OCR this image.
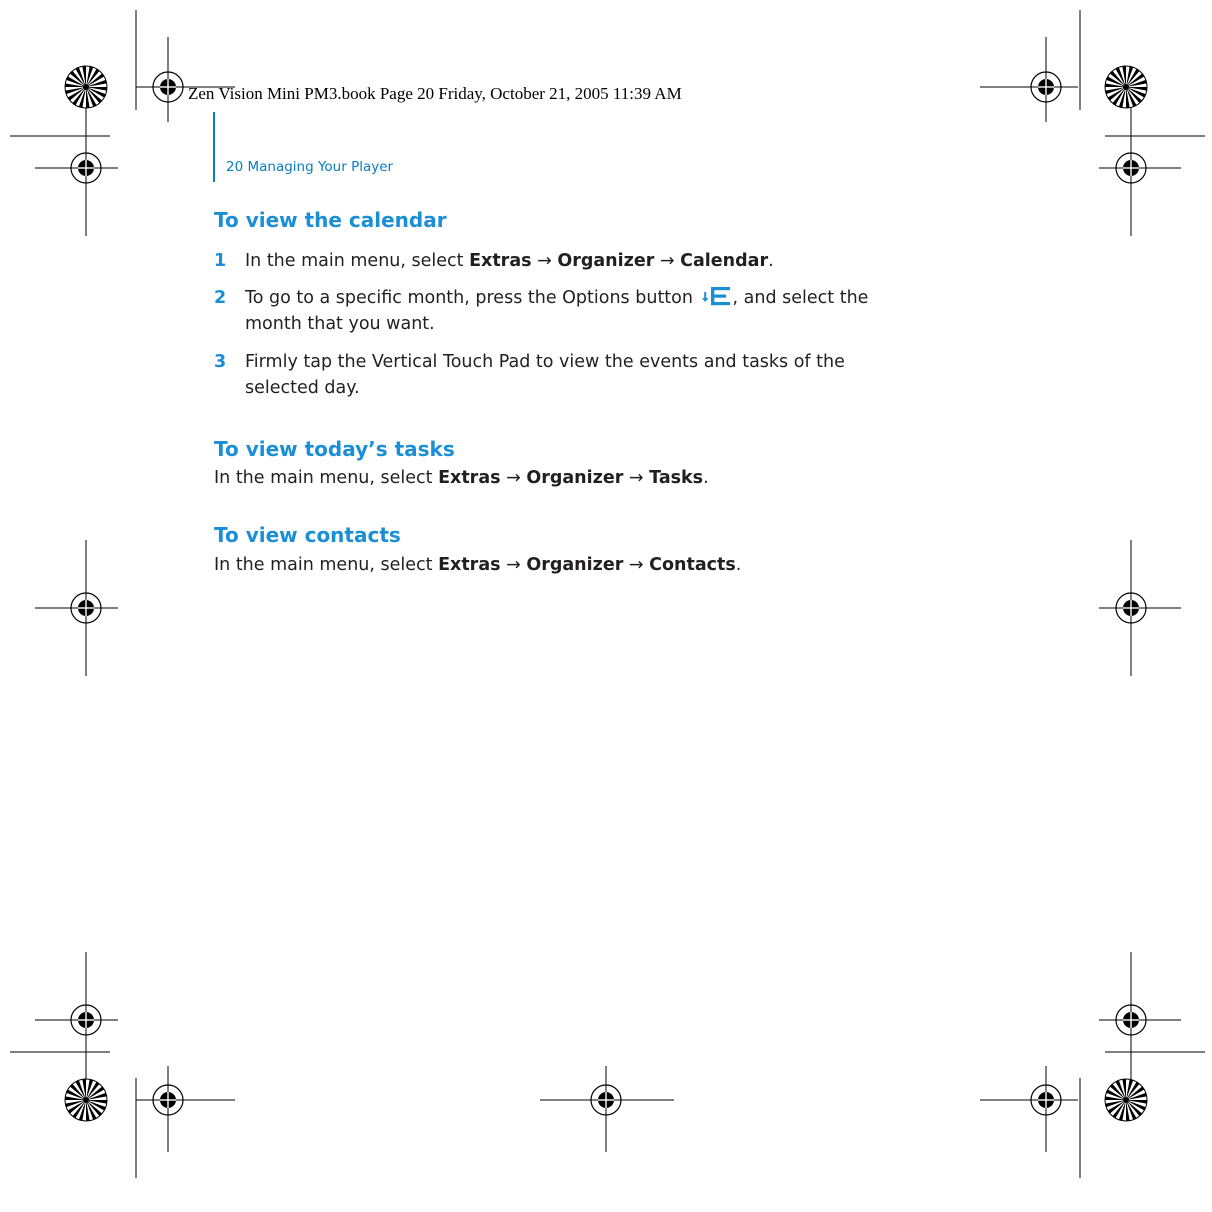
Zen Vision Mini PM3.book Page 20 Friday, October 21, 2005 11:39 AM
20 Managing Your Player
To view the calendar
1 In the main menu, select Extras → Organizer → Calendar.
2 To go to a specific month, press the Options button , and select the
month that you want.
3 Firmly tap the Vertical Touch Pad to view the events and tasks of the
selected day.
To view today’s tasks
In the main menu, select Extras → Organizer → Tasks.
To view contacts
In the main menu, select Extras → Organizer → Contacts.
